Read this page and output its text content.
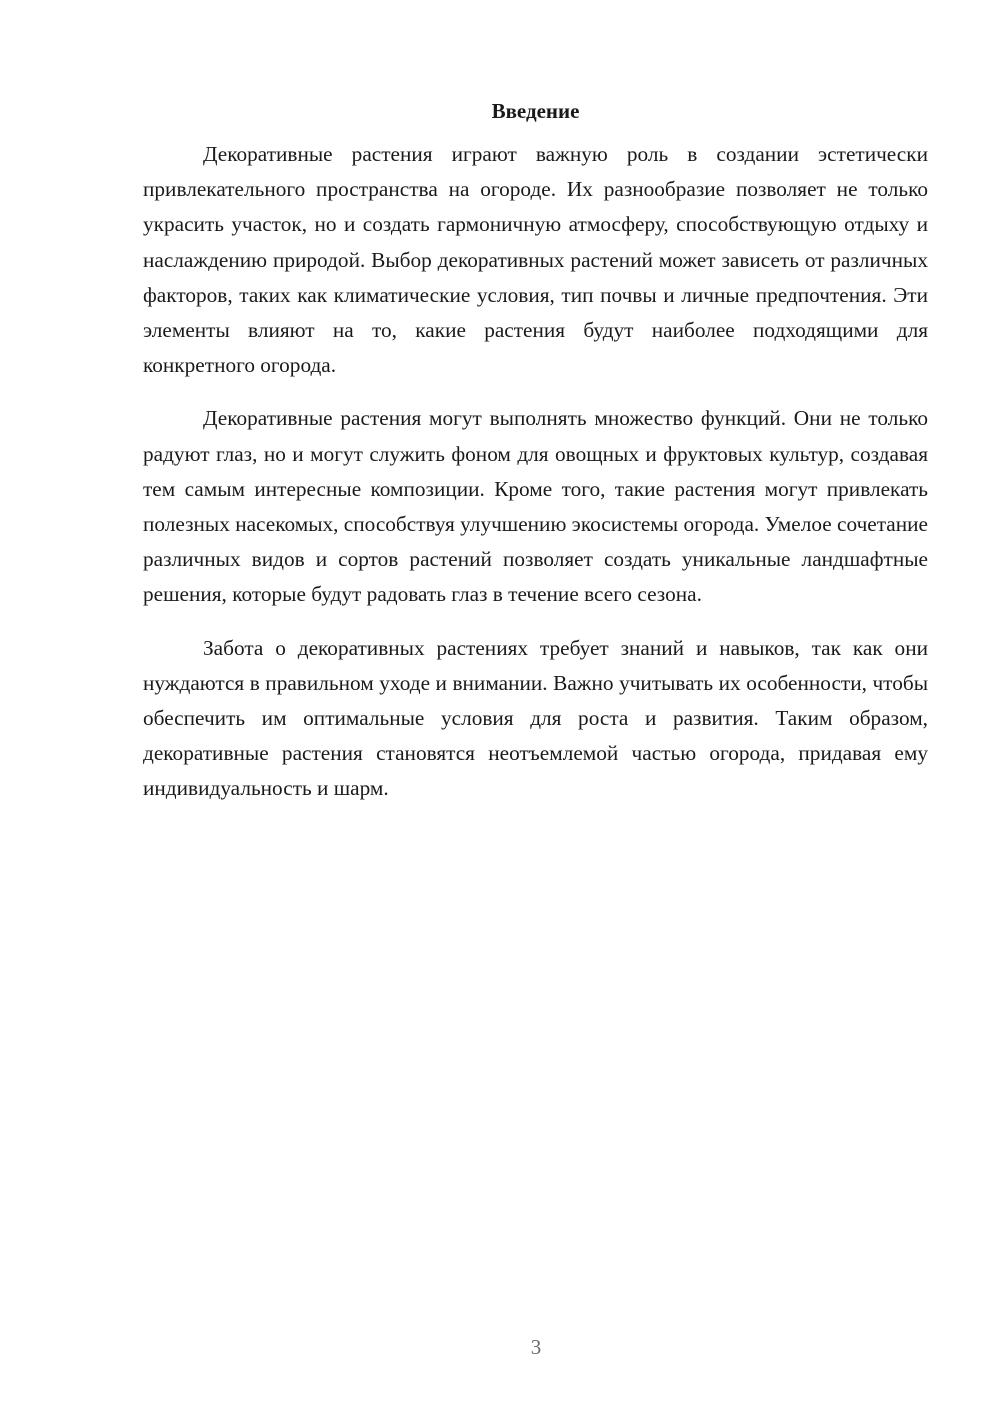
Введение

Декоративные растения играют важную роль в создании эстетически привлекательного пространства на огороде. Их разнообразие позволяет не только украсить участок, но и создать гармоничную атмосферу, способствующую отдыху и наслаждению природой. Выбор декоративных растений может зависеть от различных факторов, таких как климатические условия, тип почвы и личные предпочтения. Эти элементы влияют на то, какие растения будут наиболее подходящими для конкретного огорода.

Декоративные растения могут выполнять множество функций. Они не только радуют глаз, но и могут служить фоном для овощных и фруктовых культур, создавая тем самым интересные композиции. Кроме того, такие растения могут привлекать полезных насекомых, способствуя улучшению экосистемы огорода. Умелое сочетание различных видов и сортов растений позволяет создать уникальные ландшафтные решения, которые будут радовать глаз в течение всего сезона.

Забота о декоративных растениях требует знаний и навыков, так как они нуждаются в правильном уходе и внимании. Важно учитывать их особенности, чтобы обеспечить им оптимальные условия для роста и развития. Таким образом, декоративные растения становятся неотъемлемой частью огорода, придавая ему индивидуальность и шарм.

3
